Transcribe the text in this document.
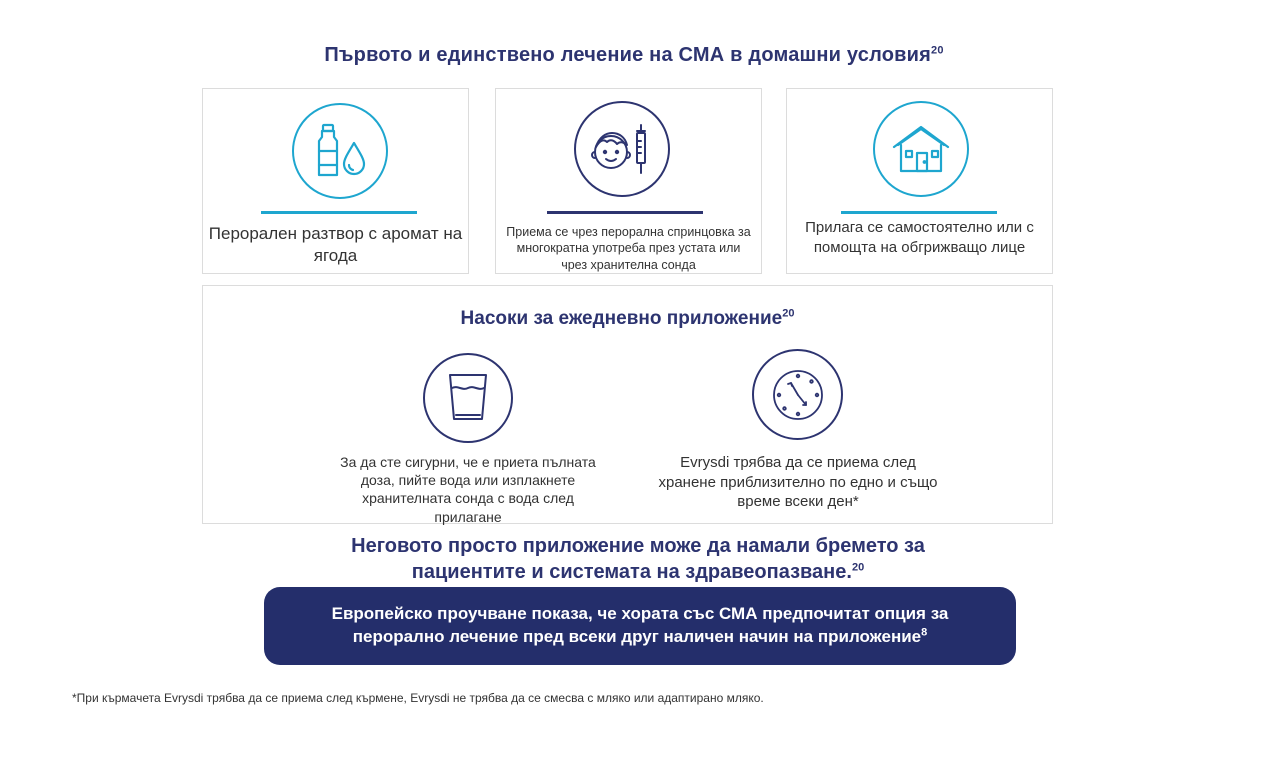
Първото и единствено лечение на СМА в домашни условия$^{20}$
Перорален разтвор с аромат на ягода
Приема се чрез перорална спринцовка за многократна употреба през устата или чрез хранителна сонда
Прилага се самостоятелно или с помощта на обгрижващо лице
Насоки за ежедневно приложение$^{20}$
За да сте сигурни, че е приета пълната доза, пийте вода или изплакнете хранителната сонда с вода след прилагане
Evrysdi трябва да се приема след хранене приблизително по едно и също време всеки ден*
Неговото просто приложение може да намали бремето за
пациентите и системата на здравеопазване.$^{20}$
Европейско проучване показа, че хората със СМА предпочитат опция за
перорално лечение пред всеки друг наличен начин на приложение$^8$
*При кърмачета Evrysdi трябва да се приема след кърмене, Evrysdi не трябва да се смесва с мляко или адаптирано мляко.
